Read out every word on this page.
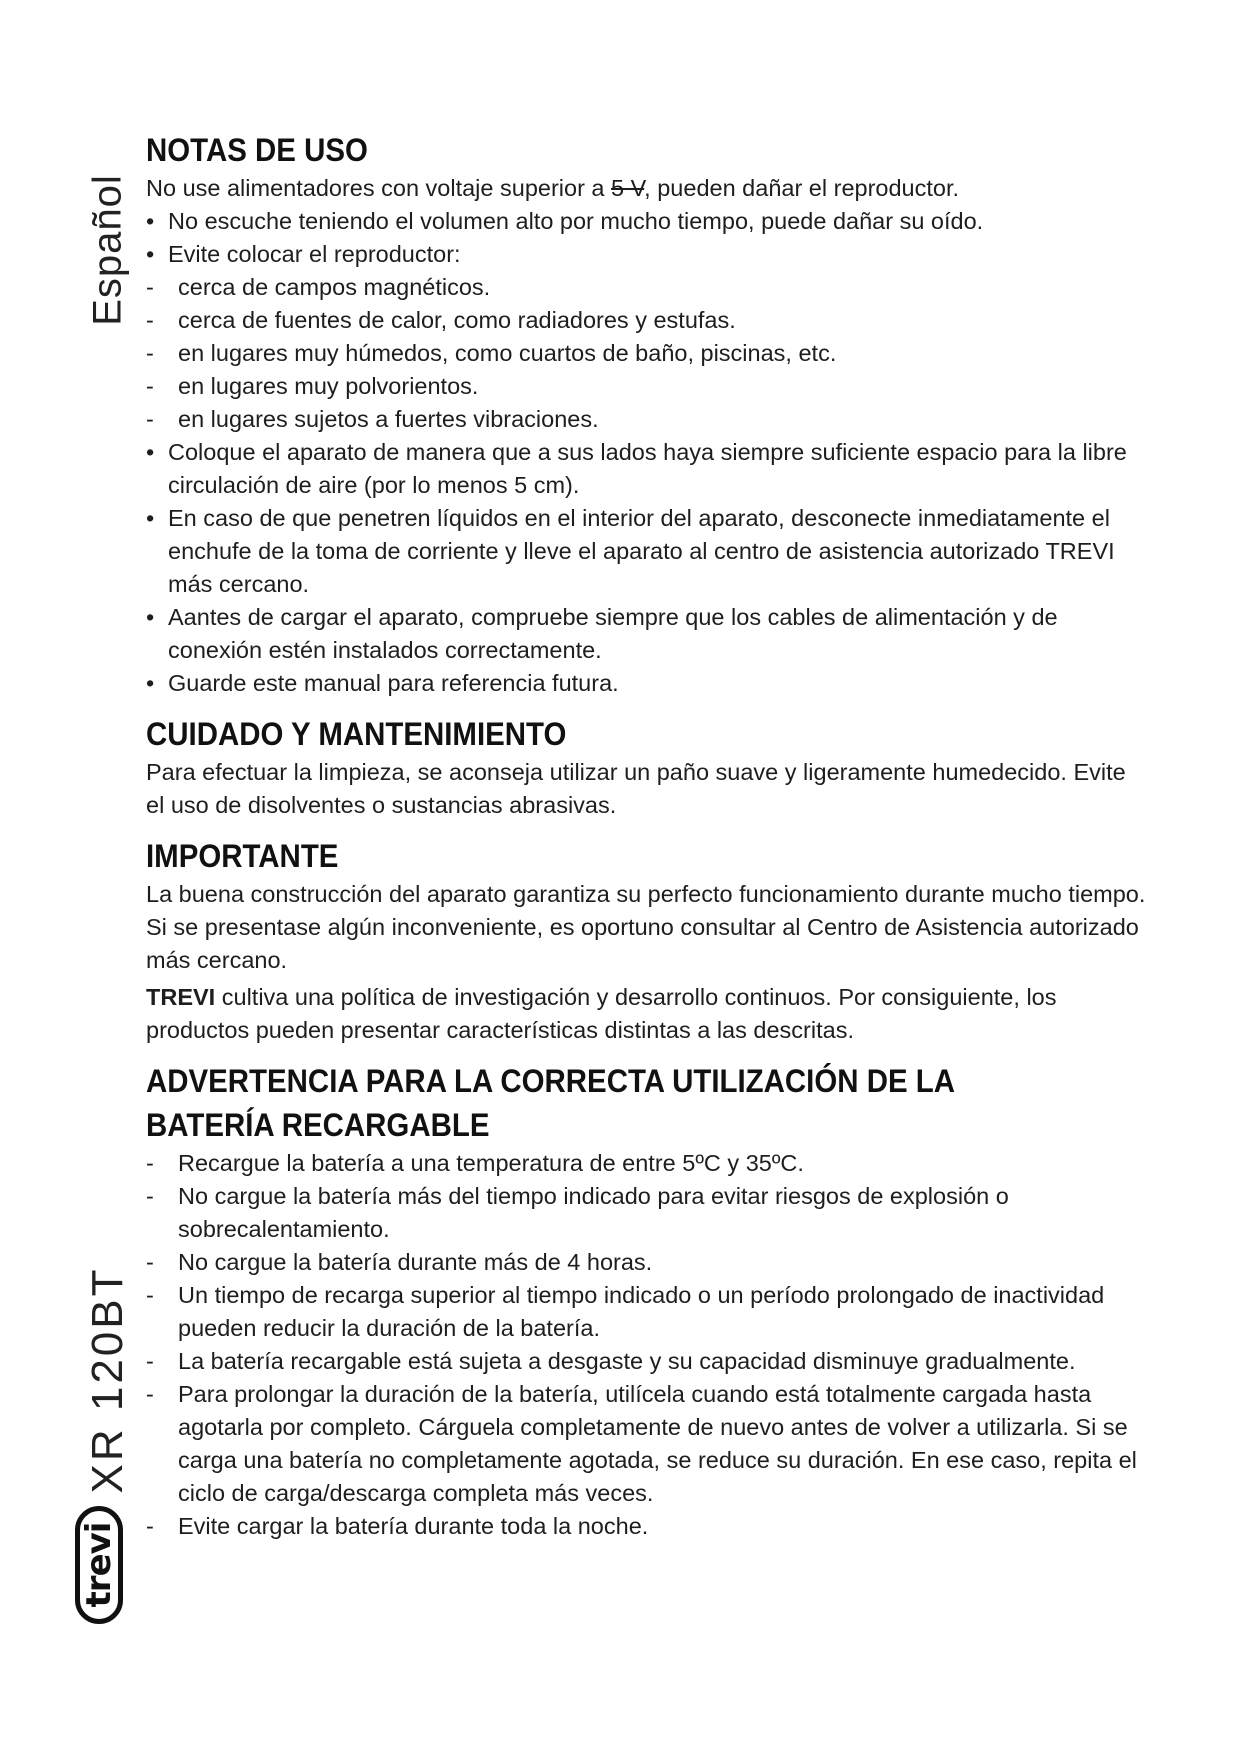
Español
XR 120BT
trevi
NOTAS DE USO

No use alimentadores con voltaje superior a 5 V, pueden dañar el reproductor.

• No escuche teniendo el volumen alto por mucho tiempo, puede dañar su oído.
• Evite colocar el reproductor:
- cerca de campos magnéticos.
- cerca de fuentes de calor, como radiadores y estufas.
- en lugares muy húmedos, como cuartos de baño, piscinas, etc.
- en lugares muy polvorientos.
- en lugares sujetos a fuertes vibraciones.
• Coloque el aparato de manera que a sus lados haya siempre suficiente espacio para la libre circulación de aire (por lo menos 5 cm).
• En caso de que penetren líquidos en el interior del aparato, desconecte inmediatamente el enchufe de la toma de corriente y lleve el aparato al centro de asistencia autorizado TREVI más cercano.
• Aantes de cargar el aparato, compruebe siempre que los cables de alimentación y de conexión estén instalados correctamente.
• Guarde este manual para referencia futura.
CUIDADO Y MANTENIMIENTO

Para efectuar la limpieza, se aconseja utilizar un paño suave y ligeramente humedecido. Evite el uso de disolventes o sustancias abrasivas.

IMPORTANTE

La buena construcción del aparato garantiza su perfecto funcionamiento durante mucho tiempo. Si se presentase algún inconveniente, es oportuno consultar al Centro de Asistencia autorizado más cercano.

TREVI cultiva una política de investigación y desarrollo continuos. Por consiguiente, los productos pueden presentar características distintas a las descritas.

ADVERTENCIA PARA LA CORRECTA UTILIZACIÓN DE LA BATERÍA RECARGABLE
- Recargue la batería a una temperatura de entre 5ºC y 35ºC.
- No cargue la batería más del tiempo indicado para evitar riesgos de explosión o sobrecalentamiento.
- No cargue la batería durante más de 4 horas.
- Un tiempo de recarga superior al tiempo indicado o un período prolongado de inactividad pueden reducir la duración de la batería.
- La batería recargable está sujeta a desgaste y su capacidad disminuye gradualmente.
- Para prolongar la duración de la batería, utilícela cuando está totalmente cargada hasta agotarla por completo. Cárguela completamente de nuevo antes de volver a utilizarla. Si se carga una batería no completamente agotada, se reduce su duración. En ese caso, repita el ciclo de carga/descarga completa más veces.
- Evite cargar la batería durante toda la noche.
